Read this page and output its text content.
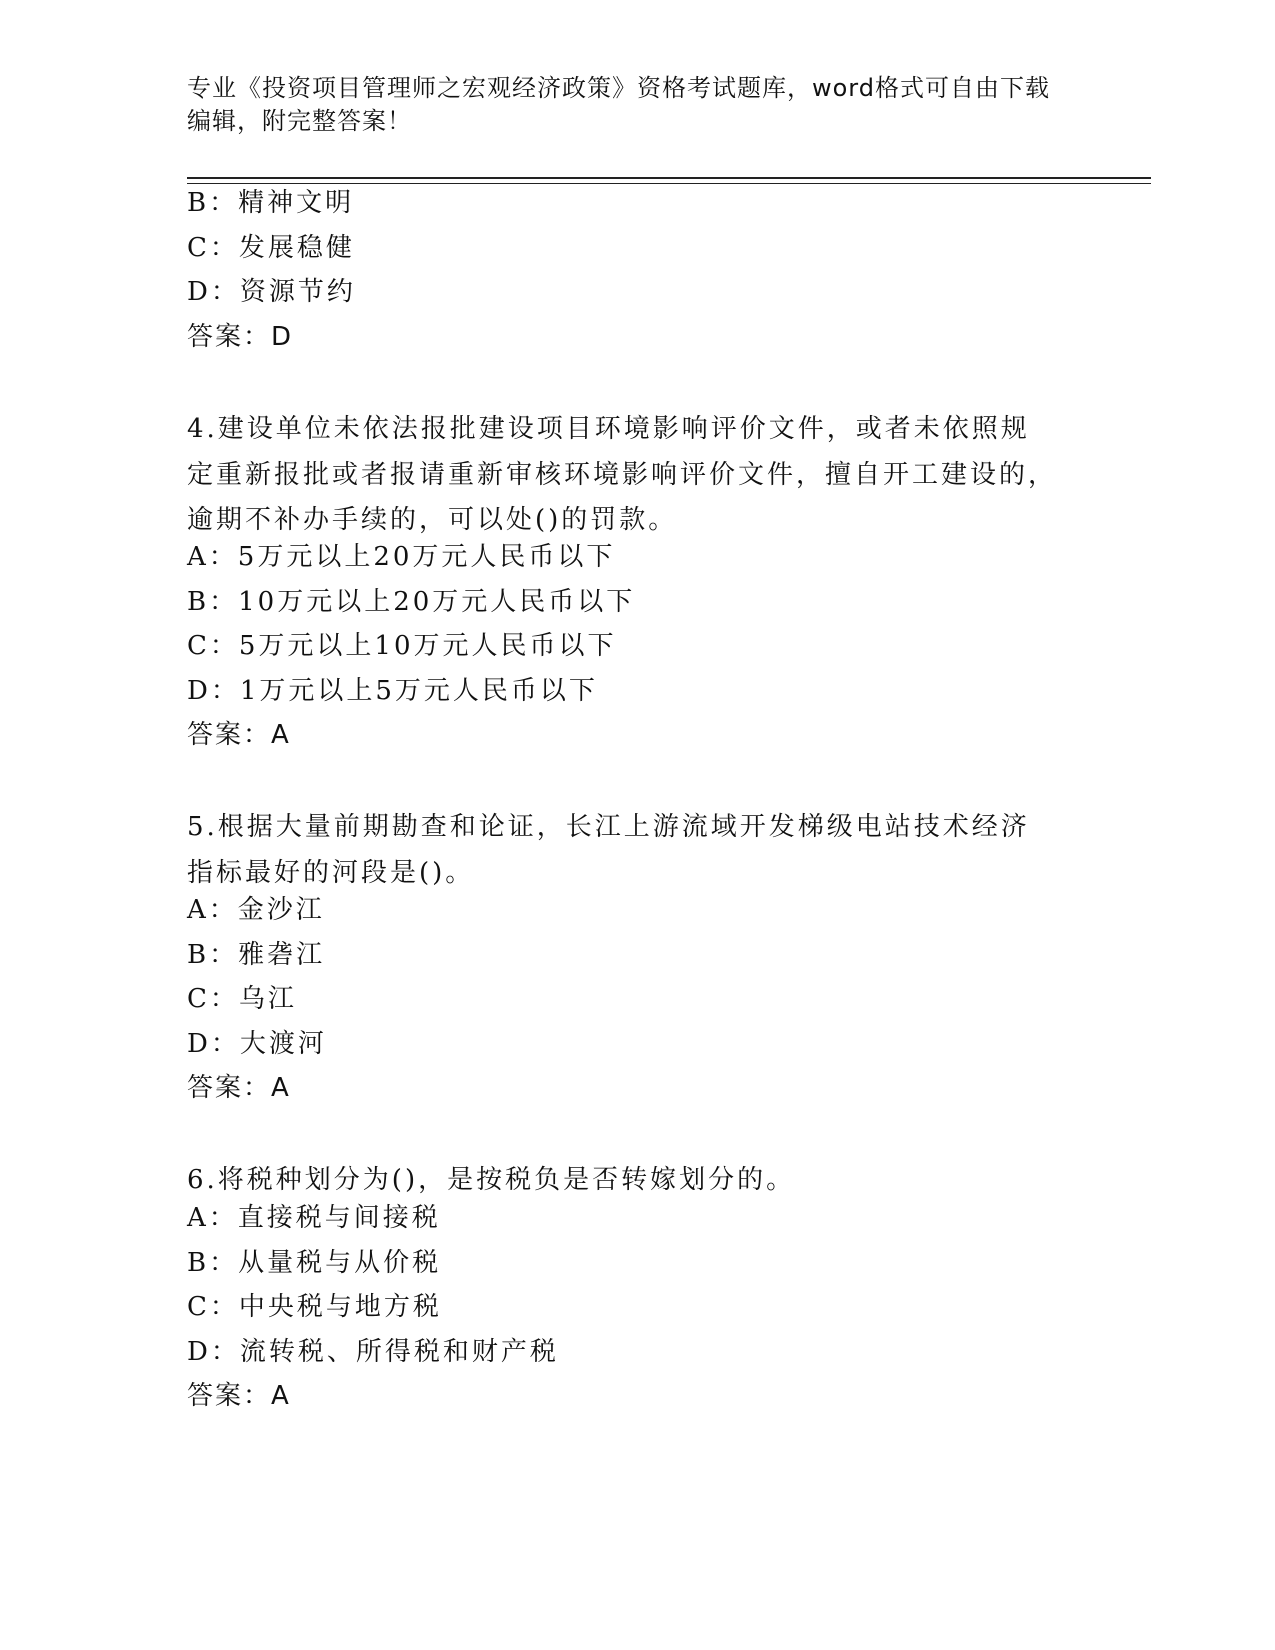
专业《投资项目管理师之宏观经济政策》资格考试题库，word格式可自由下载编辑，附完整答案！
B：精神文明
C：发展稳健
D：资源节约
答案：D
4.建设单位未依法报批建设项目环境影响评价文件，或者未依照规定重新报批或者报请重新审核环境影响评价文件，擅自开工建设的，逾期不补办手续的，可以处()的罚款。
A：5万元以上20万元人民币以下
B：10万元以上20万元人民币以下
C：5万元以上10万元人民币以下
D：1万元以上5万元人民币以下
答案：A
5.根据大量前期勘查和论证，长江上游流域开发梯级电站技术经济指标最好的河段是()。
A：金沙江
B：雅砻江
C：乌江
D：大渡河
答案：A
6.将税种划分为()，是按税负是否转嫁划分的。
A：直接税与间接税
B：从量税与从价税
C：中央税与地方税
D：流转税、所得税和财产税
答案：A
